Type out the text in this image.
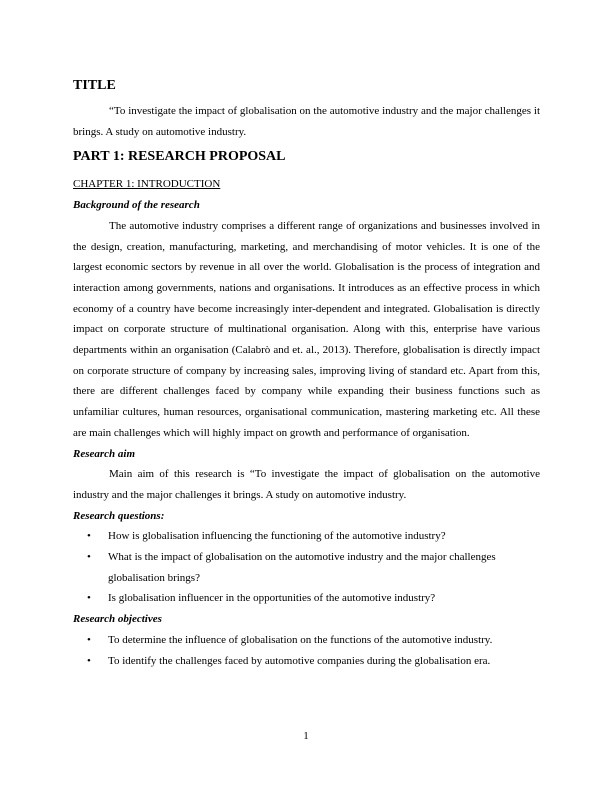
TITLE

“To investigate the impact of globalisation on the automotive industry and the major challenges it brings. A study on automotive industry.

PART 1: RESEARCH PROPOSAL

CHAPTER 1: INTRODUCTION

Background of the research

The automotive industry comprises a different range of organizations and businesses involved in the design, creation, manufacturing, marketing, and merchandising of motor vehicles. It is one of the largest economic sectors by revenue in all over the world. Globalisation is the process of integration and interaction among governments, nations and organisations. It introduces as an effective process in which economy of a country have become increasingly inter-dependent and integrated. Globalisation is directly impact on corporate structure of multinational organisation. Along with this, enterprise have various departments within an organisation (Calabrò and et. al., 2013). Therefore, globalisation is directly impact on corporate structure of company by increasing sales, improving living of standard etc. Apart from this, there are different challenges faced by company while expanding their business functions such as unfamiliar cultures, human resources, organisational communication, mastering marketing etc. All these are main challenges which will highly impact on growth and performance of organisation.

Research aim

Main aim of this research is “To investigate the impact of globalisation on the automotive industry and the major challenges it brings. A study on automotive industry.

Research questions:

• How is globalisation influencing the functioning of the automotive industry?
• What is the impact of globalisation on the automotive industry and the major challenges globalisation brings?
• Is globalisation influencer in the opportunities of the automotive industry?

Research objectives

• To determine the influence of globalisation on the functions of the automotive industry.
• To identify the challenges faced by automotive companies during the globalisation era.
1
